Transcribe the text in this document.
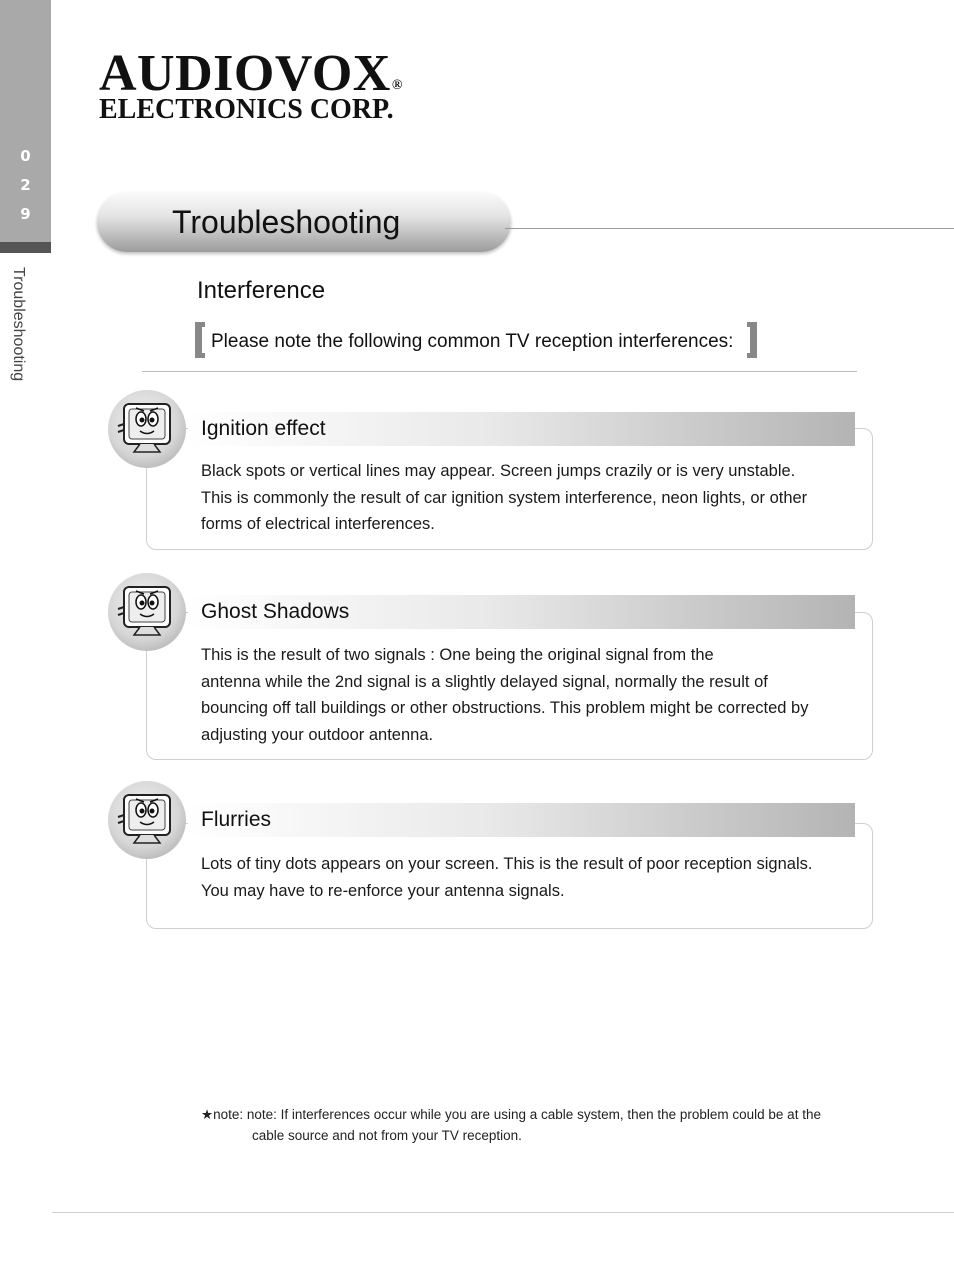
0
2
9
Troubleshooting
AUDIOVOX®
ELECTRONICS CORP.
Troubleshooting
Interference
Please note the following common TV reception interferences:
Ignition effect
Black spots or vertical lines may appear. Screen jumps crazily or is very unstable.
This is commonly the result of car ignition system interference, neon lights, or other
forms of electrical interferences.
Ghost Shadows
This is the result of two signals : One being the original signal from the
antenna while the 2nd signal is a slightly delayed signal, normally the result of
bouncing off tall buildings or other obstructions. This problem might be corrected by
adjusting your outdoor antenna.
Flurries
Lots of tiny dots appears on your screen. This is the result of poor reception signals.
You may have to re-enforce your antenna signals.
★note: note: If interferences occur while you are using a cable system, then the problem could be at the
cable source and not from your TV reception.
